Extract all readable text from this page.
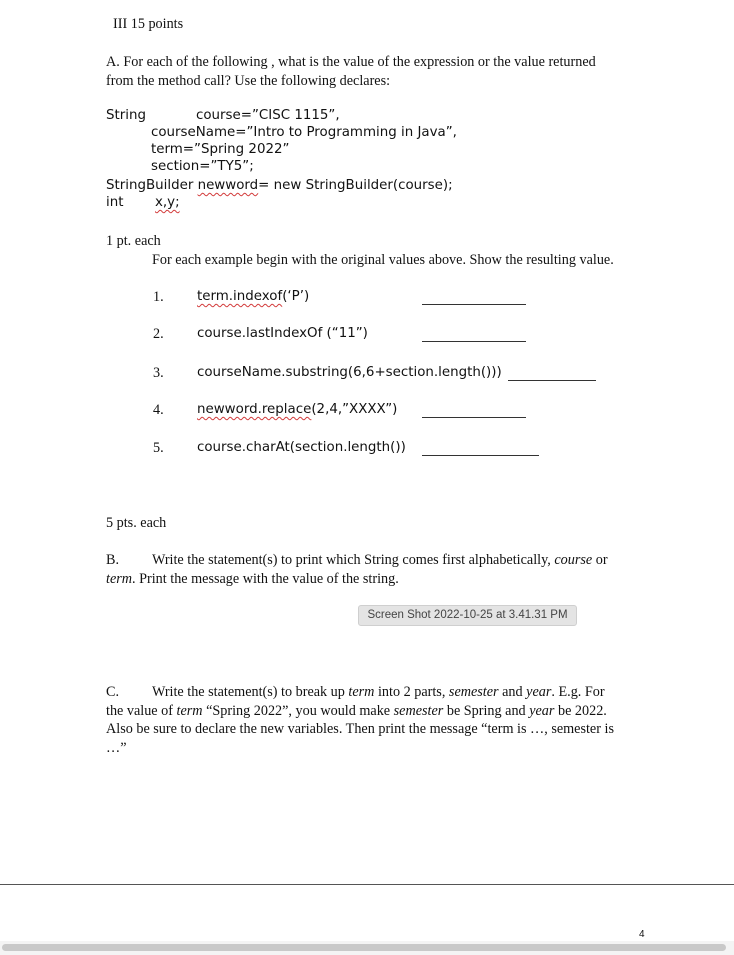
III 15 points
A. For each of the following , what is the value of the expression or the value returned
from the method call? Use the following declares:
String	course=”CISC 1115”,
courseName=”Intro to Programming in Java”,
term=”Spring 2022”
section=”TY5”;
StringBuilder newword= new StringBuilder(course);
int x,y;
1 pt. each
For each example begin with the original values above. Show the resulting value.
1. term.indexof(‘P’)
2. course.lastIndexOf (“11”)
3. courseName.substring(6,6+section.length()))
4. newword.replace(2,4,”XXXX”)
5. course.charAt(section.length())
5 pts. each
B. Write the statement(s) to print which String comes first alphabetically, course or
term. Print the message with the value of the string.
Screen Shot 2022-10-25 at 3.41.31 PM
C. Write the statement(s) to break up term into 2 parts, semester and year. E.g. For
the value of term “Spring 2022”, you would make semester be Spring and year be 2022.
Also be sure to declare the new variables. Then print the message “term is …, semester is
…”
4
